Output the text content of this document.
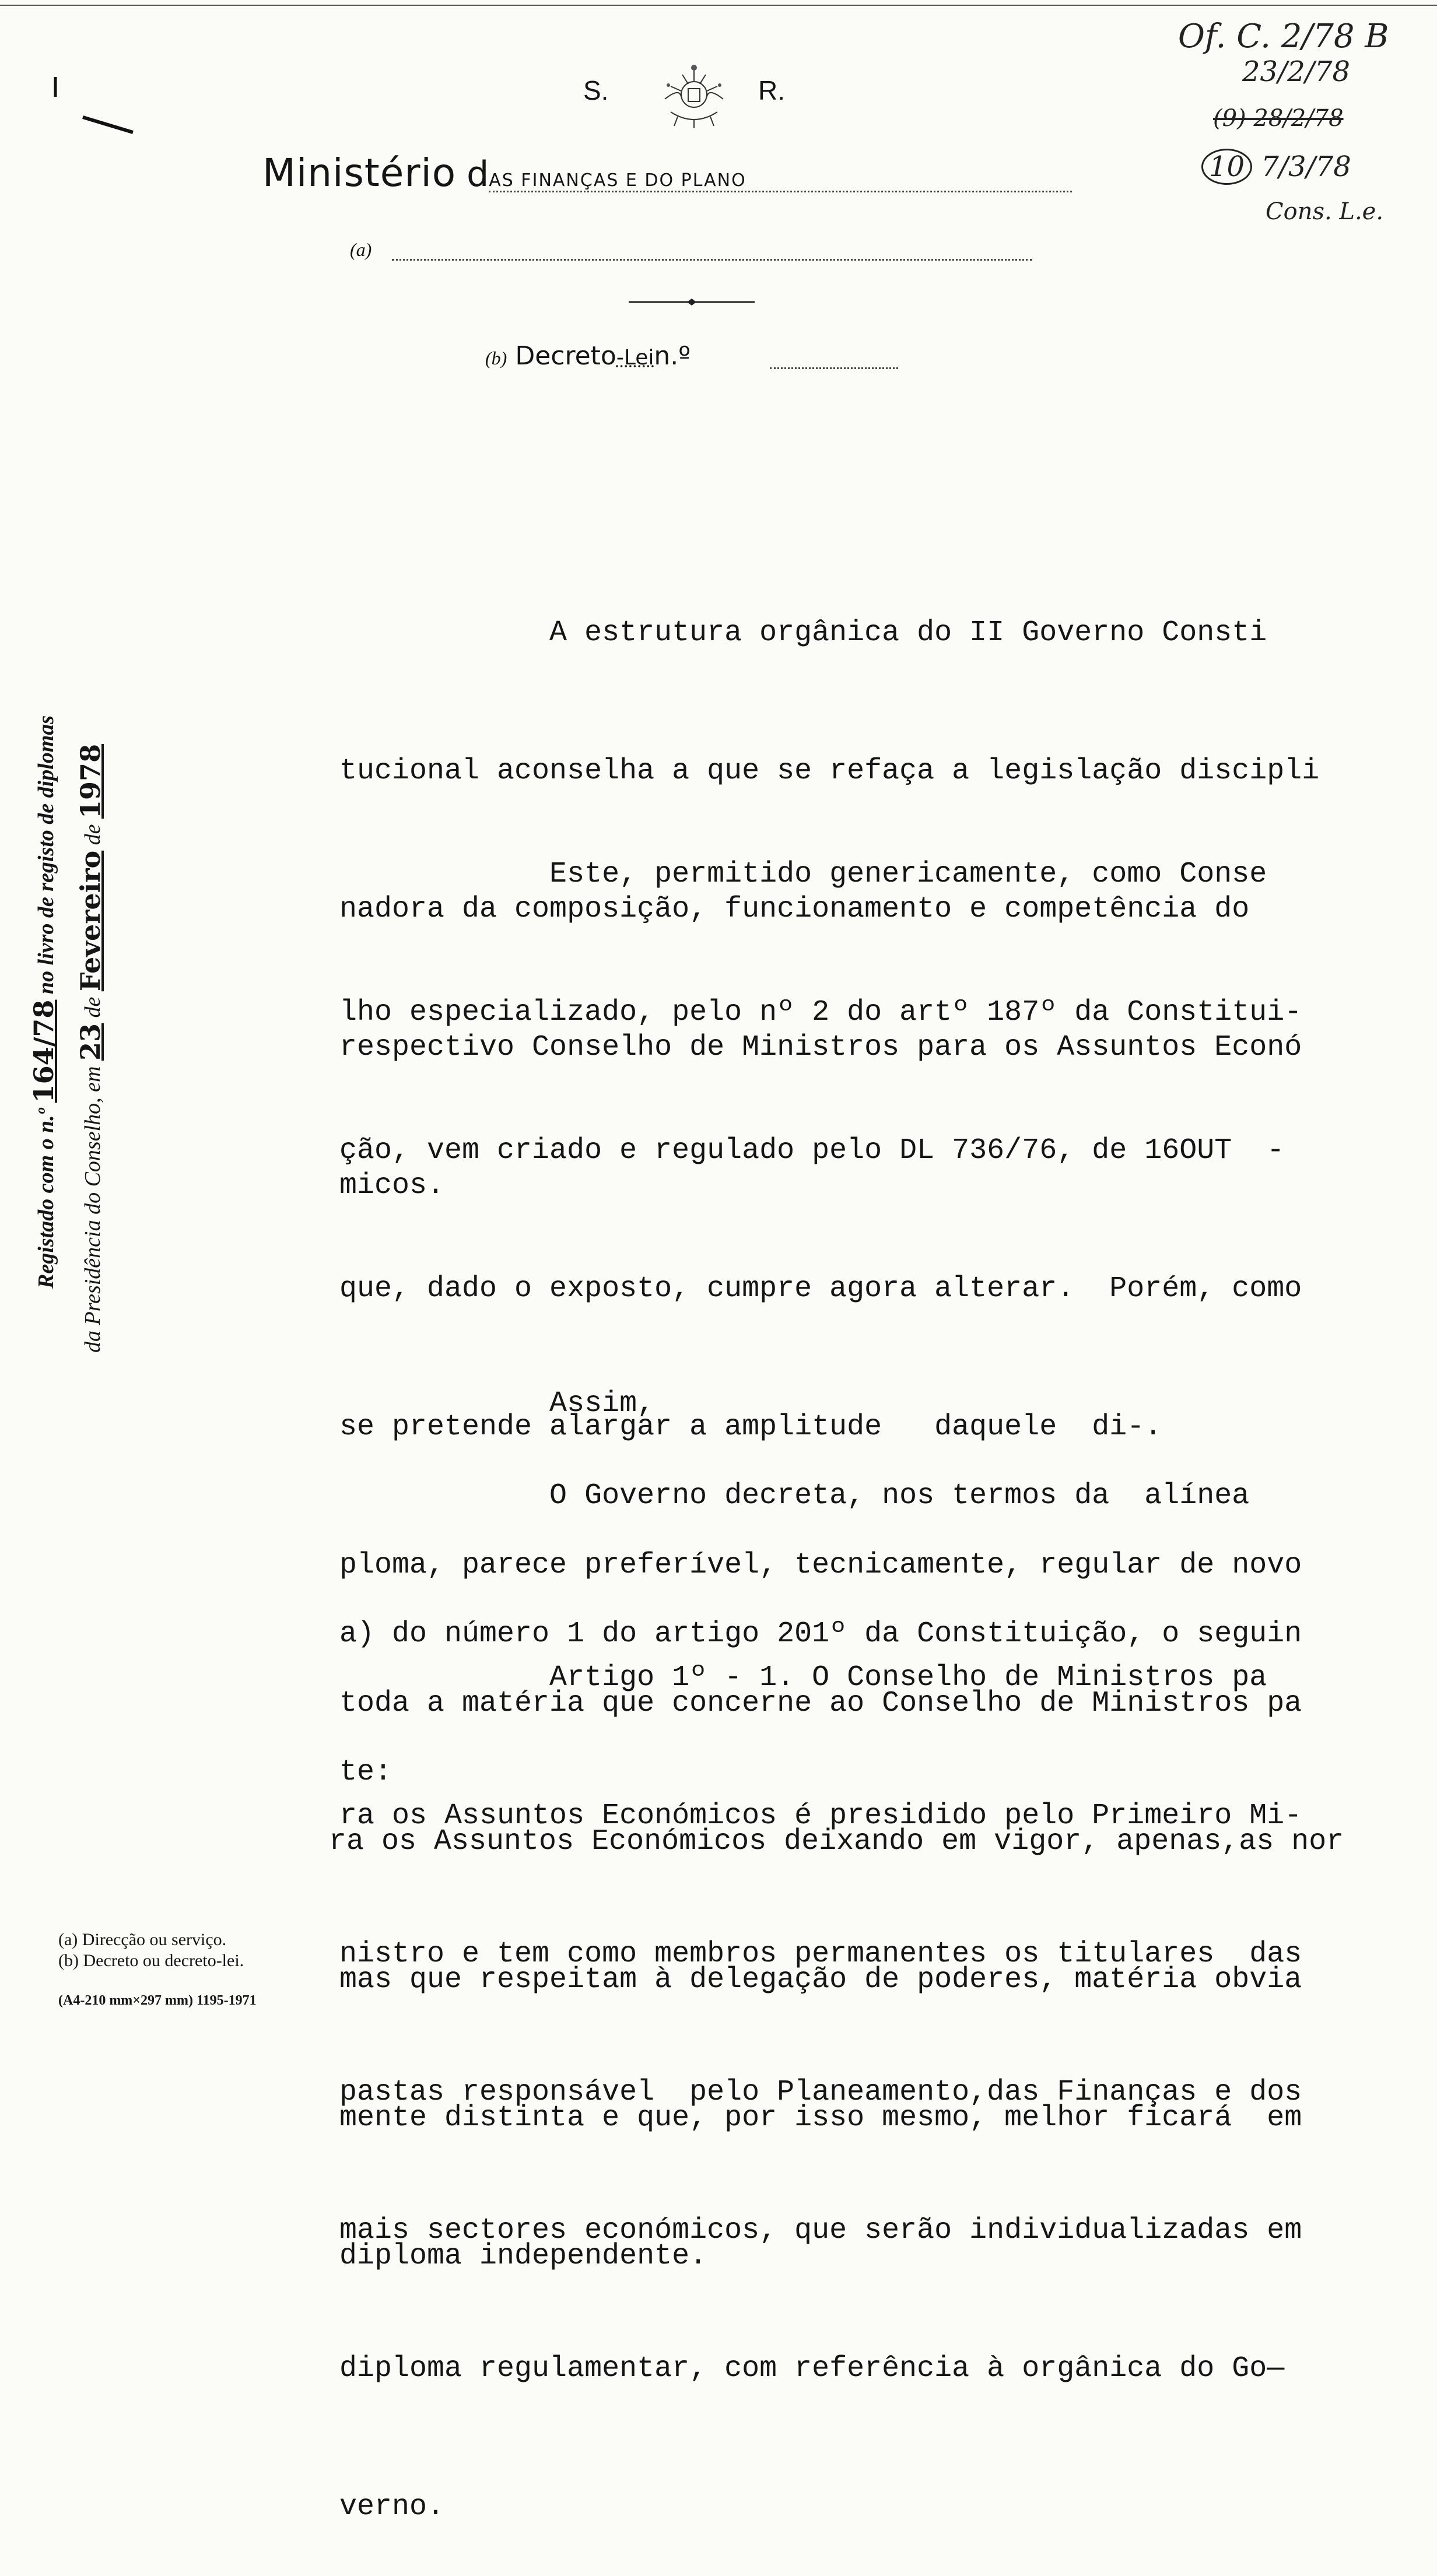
S.	R.
Ministério dAS FINANÇAS E DO PLANO
(a)
(b) Decreto-Lein.º
Of. C. 2/78 B
23/2/78
(9) 28/2/78
10 7/3/78
Cons. L.e.
Registado com o n.º 164/78 no livro de registo de diplomas
da Presidência do Conselho, em 23 de Fevereiro de 1978

A estrutura orgânica do II Governo Consti

tucional aconselha a que se refaça a legislação discipli

nadora da composição, funcionamento e competência do

respectivo Conselho de Ministros para os Assuntos Econó

micos.

Este, permitido genericamente, como Conse

lho especializado, pelo nº 2 do artº 187º da Constitui-

ção, vem criado e regulado pelo DL 736/76, de 16OUT  -

que, dado o exposto, cumpre agora alterar.  Porém, como

se pretende alargar a amplitude   daquele  di-.

ploma, parece preferível, tecnicamente, regular de novo

toda a matéria que concerne ao Conselho de Ministros pa

ra os Assuntos Económicos deixando em vigor, apenas,as nor

mas que respeitam à delegação de poderes, matéria obvia

mente distinta e que, por isso mesmo, melhor ficará  em

diploma independente.

Assim,

O Governo decreta, nos termos da  alínea

a) do número 1 do artigo 201º da Constituição, o seguin

te:

Artigo 1º - 1. O Conselho de Ministros pa

ra os Assuntos Económicos é presidido pelo Primeiro Mi-

nistro e tem como membros permanentes os titulares  das

pastas responsável  pelo Planeamento,das Finanças e dos

mais sectores económicos, que serão individualizadas em

diploma regulamentar, com referência à orgânica do Go—

verno.

(a) Direcção ou serviço.
(b) Decreto ou decreto-lei.
(A4-210 mm×297 mm) 1195-1971
